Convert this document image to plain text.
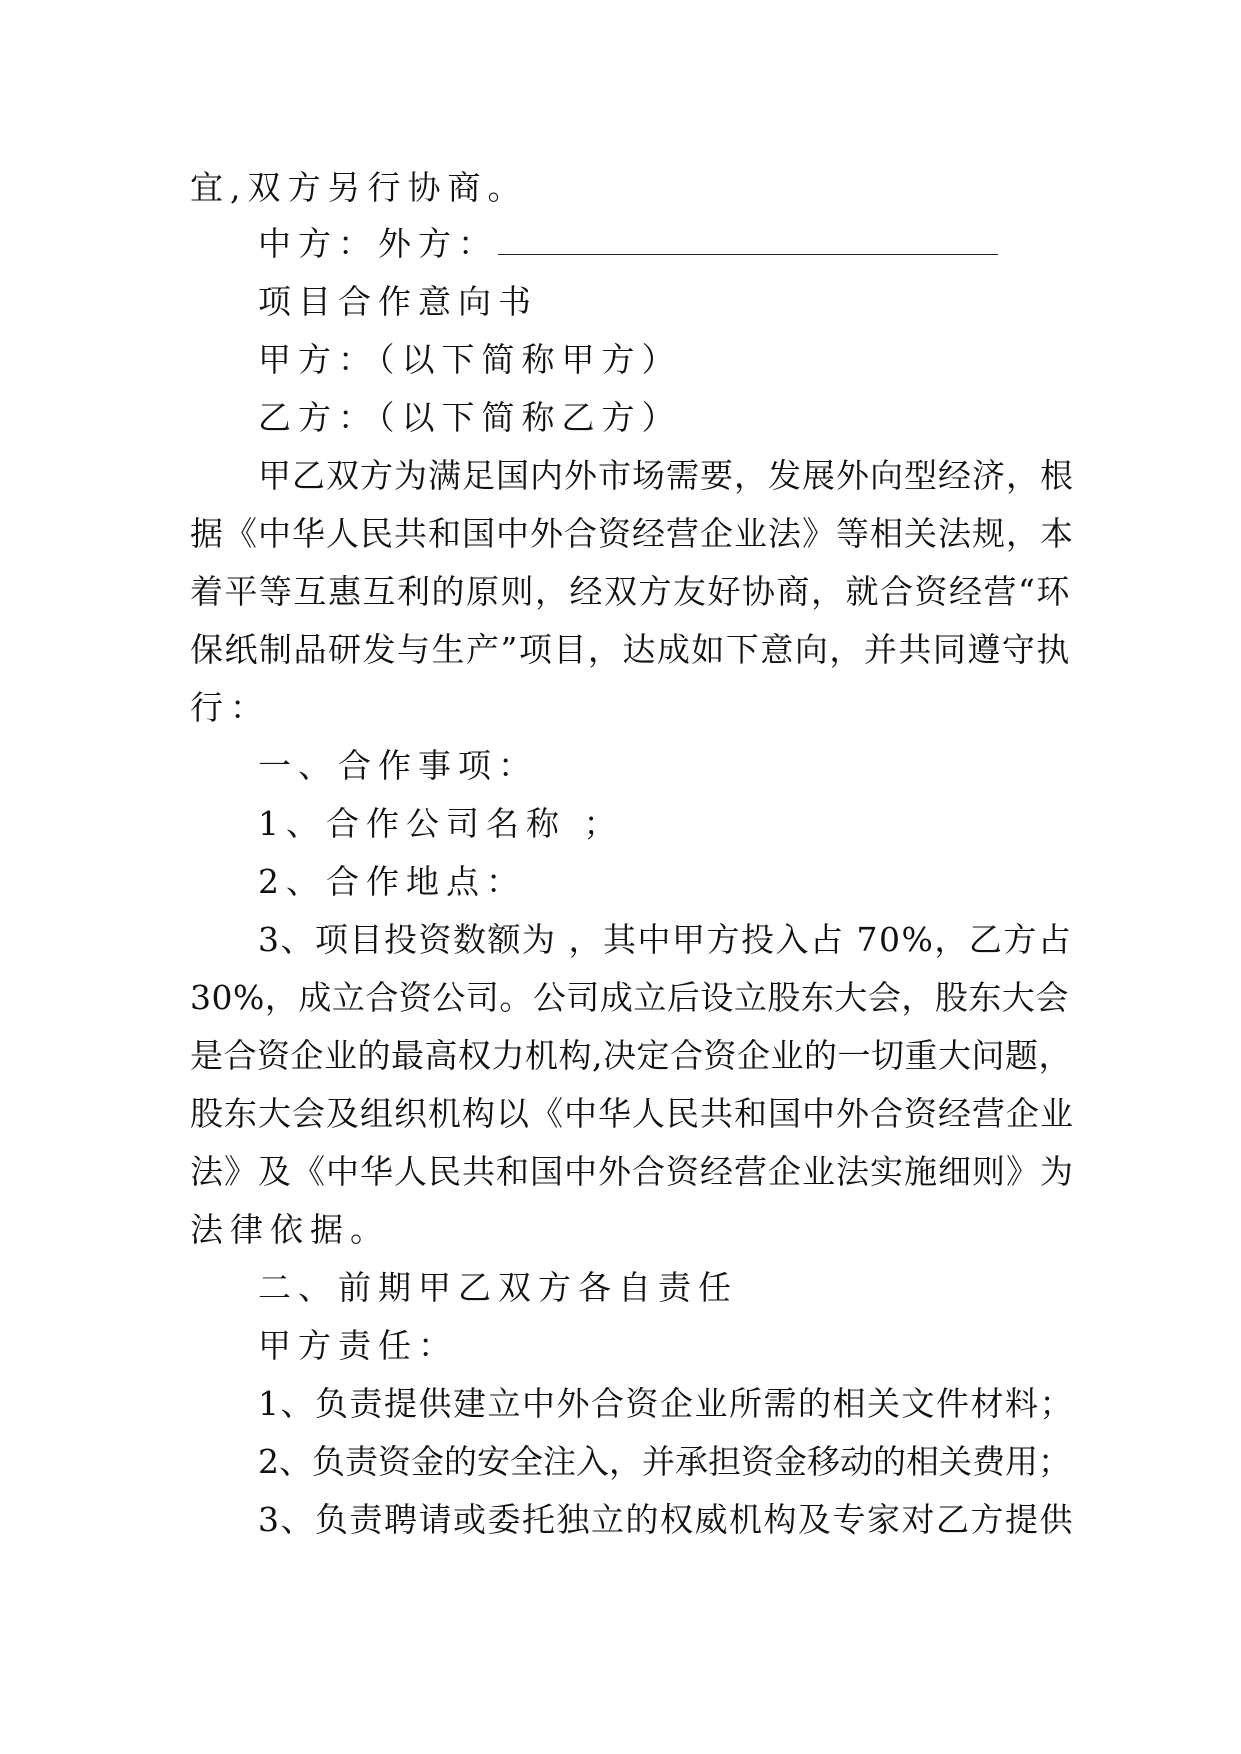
宜,双方另行协商。
中方：外方：
项目合作意向书
甲方：（以下简称甲方）
乙方：（以下简称乙方）
甲乙双方为满足国内外市场需要，发展外向型经济，根
据《中华人民共和国中外合资经营企业法》等相关法规，本
着平等互惠互利的原则，经双方友好协商，就合资经营“环
保纸制品研发与生产”项目，达成如下意向，并共同遵守执
行：
一、合作事项：
1、合作公司名称 ；
2、合作地点：
3、项目投资数额为 ，其中甲方投入占 70%，乙方占
30%，成立合资公司。公司成立后设立股东大会，股东大会
是合资企业的最高权力机构,决定合资企业的一切重大问题，
股东大会及组织机构以《中华人民共和国中外合资经营企业
法》及《中华人民共和国中外合资经营企业法实施细则》为
法律依据。
二、前期甲乙双方各自责任
甲方责任：
1、负责提供建立中外合资企业所需的相关文件材料；
2、负责资金的安全注入，并承担资金移动的相关费用；
3、负责聘请或委托独立的权威机构及专家对乙方提供
